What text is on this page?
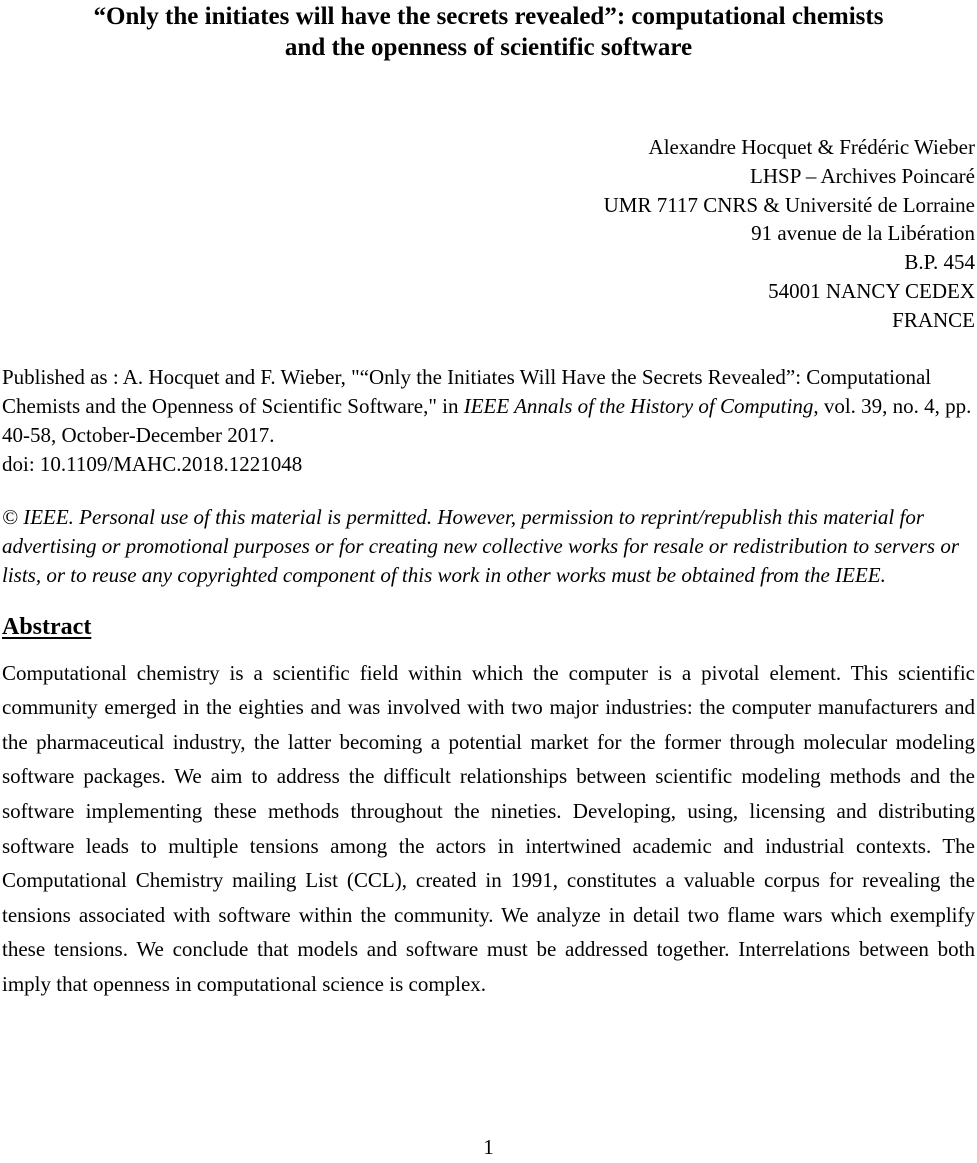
“Only the initiates will have the secrets revealed”: computational chemists
and the openness of scientific software
Alexandre Hocquet & Frédéric Wieber
LHSP – Archives Poincaré
UMR 7117 CNRS & Université de Lorraine
91 avenue de la Libération
B.P. 454
54001 NANCY CEDEX
FRANCE

Published as : A. Hocquet and F. Wieber, "“Only the Initiates Will Have the Secrets Revealed”: Computational Chemists and the Openness of Scientific Software," in IEEE Annals of the History of Computing, vol. 39, no. 4, pp. 40-58, October-December 2017.
doi: 10.1109/MAHC.2018.1221048

© IEEE. Personal use of this material is permitted. However, permission to reprint/republish this material for advertising or promotional purposes or for creating new collective works for resale or redistribution to servers or lists, or to reuse any copyrighted component of this work in other works must be obtained from the IEEE.

Abstract

Computational chemistry is a scientific field within which the computer is a pivotal element. This scientific community emerged in the eighties and was involved with two major industries: the computer manufacturers and the pharmaceutical industry, the latter becoming a potential market for the former through molecular modeling software packages. We aim to address the difficult relationships between scientific modeling methods and the software implementing these methods throughout the nineties. Developing, using, licensing and distributing software leads to multiple tensions among the actors in intertwined academic and industrial contexts. The Computational Chemistry mailing List (CCL), created in 1991, constitutes a valuable corpus for revealing the tensions associated with software within the community. We analyze in detail two flame wars which exemplify these tensions. We conclude that models and software must be addressed together. Interrelations between both imply that openness in computational science is complex.

1
